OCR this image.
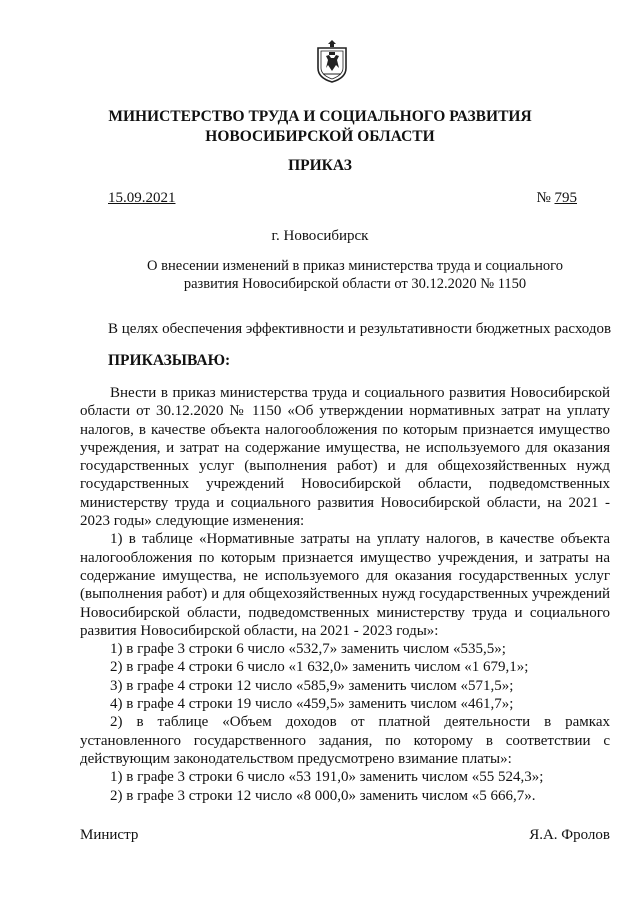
МИНИСТЕРСТВО ТРУДА И СОЦИАЛЬНОГО РАЗВИТИЯ
НОВОСИБИРСКОЙ ОБЛАСТИ
ПРИКАЗ
15.09.2021	№ 795
г. Новосибирск
О внесении изменений в приказ министерства труда и социального
развития Новосибирской области от 30.12.2020 № 1150
В целях обеспечения эффективности и результативности бюджетных расходов
ПРИКАЗЫВАЮ:

Внести в приказ министерства труда и социального развития Новосибирской области от 30.12.2020 № 1150 «Об утверждении нормативных затрат на уплату налогов, в качестве объекта налогообложения по которым признается имущество учреждения, и затрат на содержание имущества, не используемого для оказания государственных услуг (выполнения работ) и для общехозяйственных нужд государственных учреждений Новосибирской области, подведомственных министерству труда и социального развития Новосибирской области, на 2021 - 2023 годы» следующие изменения:

1) в таблице «Нормативные затраты на уплату налогов, в качестве объекта налогообложения по которым признается имущество учреждения, и затраты на содержание имущества, не используемого для оказания государственных услуг (выполнения работ) и для общехозяйственных нужд государственных учреждений Новосибирской области, подведомственных министерству труда и социального развития Новосибирской области, на 2021 - 2023 годы»:

1) в графе 3 строки 6 число «532,7» заменить числом «535,5»;

2) в графе 4 строки 6 число «1 632,0» заменить числом «1 679,1»;

3) в графе 4 строки 12 число «585,9» заменить числом «571,5»;

4) в графе 4 строки 19 число «459,5» заменить числом «461,7»;

2) в таблице «Объем доходов от платной деятельности в рамках установленного государственного задания, по которому в соответствии с действующим законодательством предусмотрено взимание платы»:

1) в графе 3 строки 6 число «53 191,0» заменить числом «55 524,3»;

2) в графе 3 строки 12 число «8 000,0» заменить числом «5 666,7».

Министр	Я.А. Фролов
